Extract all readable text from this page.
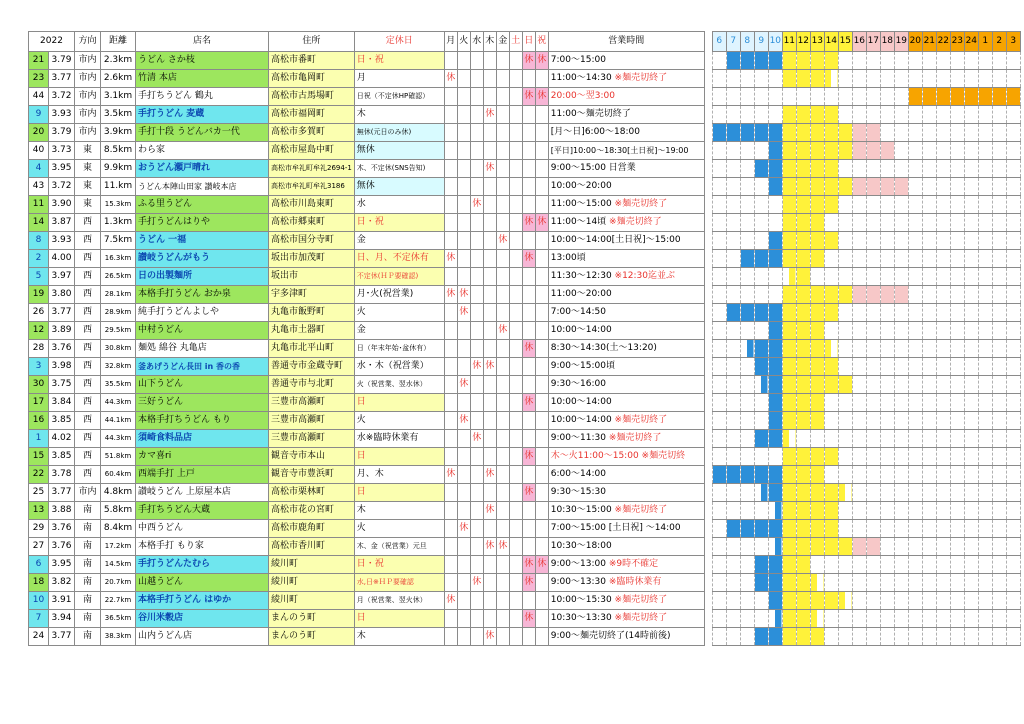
2022		方向	距離	店名	住所	定休日	月	火	水	木	金	土	日	祝	営業時間		6	7	8	9	10	11	12	13	14	15	16	17	18	19	20	21	22	23	24	1	2	3
21	3.79	市内	2.3km	うどん さか枝	高松市番町	日・祝							休	休	7:00～15:00																							
23	3.77	市内	2.6km	竹清 本店	高松市亀岡町	月	休								11:00～14:30 ※麺売切終了																							
44	3.72	市内	3.1km	手打ちうどん 鶴丸	高松市古馬場町	日祝（不定休HP確認）							休	休	20:00～翌3:00																							
9	3.93	市内	3.5km	手打うどん 麦蔵	高松市福岡町	木				休					11:00～麺売切終了																							
20	3.79	市内	3.9km	手打十段 うどんバカ一代	高松市多賀町	無休(元日のみ休)									[月～日]6:00～18:00																							
40	3.73	東	8.5km	わら家	高松市屋島中町	無休									[平日]10:00～18:30[土日祝]～19:00																							
4	3.95	東	9.9km	おうどん瀬戸晴れ	高松市牟礼町牟礼2694-1	木、不定休(SNS告知)				休					9:00～15:00 日営業																							
43	3.72	東	11.km	うどん本陣山田家 讃岐本店	高松市牟礼町牟礼3186	無休									10:00～20:00																							
11	3.90	東	15.3km	ふる里うどん	高松市川島東町	水			休						11:00～15:00 ※麺売切終了																							
14	3.87	西	1.3km	手打うどんはりや	高松市郷東町	日・祝							休	休	11:00～14頃 ※麺売切終了																							
8	3.93	西	7.5km	うどん 一福	高松市国分寺町	金					休				10:00～14:00[土日祝]～15:00																							
2	4.00	西	16.3km	讃岐うどんがもう	坂出市加茂町	日、月、不定休有	休						休		13:00頃																							
5	3.97	西	26.5km	日の出製麺所	坂出市	不定休(ＨＰ要確認)									11:30～12:30 ※12:30迄並ぶ																							
19	3.80	西	28.1km	本格手打うどん おか泉	宇多津町	月･火(祝営業)	休	休							11:00～20:00																							
26	3.77	西	28.9km	純手打うどんよしや	丸亀市飯野町	火		休							7:00～14:50																							
12	3.89	西	29.5km	中村うどん	丸亀市土器町	金					休				10:00～14:00																							
28	3.76	西	30.8km	麺処 綿谷 丸亀店	丸亀市北平山町	日（年末年始･盆休有）							休		8:30～14:30(土～13:20)																							
3	3.98	西	32.8km	釜あげうどん長田 in 香の香	善通寺市金蔵寺町	水・木（祝営業）			休	休					9:00～15:00頃																							
30	3.75	西	35.5km	山下うどん	善通寺市与北町	火（祝営業、翌水休）		休							9:30～16:00																							
17	3.84	西	44.3km	三好うどん	三豊市高瀬町	日							休		10:00～14:00																							
16	3.85	西	44.1km	本格手打ちうどん もり	三豊市高瀬町	火		休							10:00～14:00 ※麺売切終了																							
1	4.02	西	44.3km	須崎食料品店	三豊市高瀬町	水※臨時休業有			休						9:00～11:30 ※麺売切終了																							
15	3.85	西	51.8km	カマ喜ri	観音寺市本山	日							休		木～火11:00～15:00 ※麺売切終																							
22	3.78	西	60.4km	西端手打 上戸	観音寺市豊浜町	月、木	休			休					6:00～14:00																							
25	3.77	市内	4.8km	讃岐うどん 上原屋本店	高松市栗林町	日							休		9:30～15:30																							
13	3.88	南	5.8km	手打ちうどん大蔵	高松市花の宮町	木				休					10:30～15:00 ※麺売切終了																							
29	3.76	南	8.4km	中西うどん	高松市鹿角町	火		休							7:00～15:00 [土日祝] ～14:00																							
27	3.76	南	17.2km	本格手打 もり家	高松市香川町	木、金（祝営業）元旦				休	休				10:30～18:00																							
6	3.95	南	14.5km	手打うどんたむら	綾川町	日・祝							休	休	9:00～13:00 ※9時不確定																							
18	3.82	南	20.7km	山越うどん	綾川町	水,日※ＨＰ要確認			休				休		9:00～13:30 ※臨時休業有																							
10	3.91	南	22.7km	本格手打うどん はゆか	綾川町	月（祝営業、翌火休）	休								10:00～15:30 ※麺売切終了																							
7	3.94	南	36.5km	谷川米穀店	まんのう町	日							休		10:30～13:30 ※麺売切終了																							
24	3.77	南	38.3km	山内うどん店	まんのう町	木				休					9:00～麺売切終了(14時前後)																							
